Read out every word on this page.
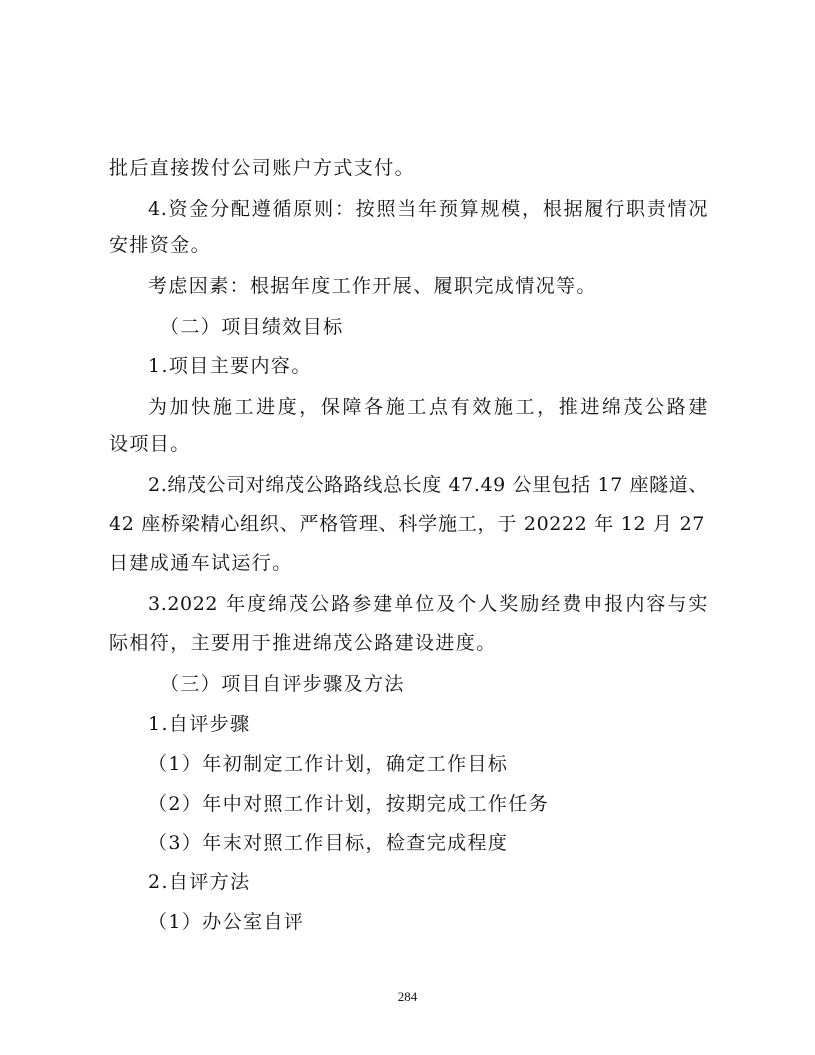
批后直接拨付公司账户方式支付。
4.资金分配遵循原则：按照当年预算规模，根据履行职责情况
安排资金。
考虑因素：根据年度工作开展、履职完成情况等。
（二）项目绩效目标
1.项目主要内容。
为加快施工进度，保障各施工点有效施工，推进绵茂公路建
设项目。
2.绵茂公司对绵茂公路路线总长度 47.49 公里包括 17 座隧道、
42 座桥梁精心组织、严格管理、科学施工，于 20222 年 12 月 27
日建成通车试运行。
3.2022 年度绵茂公路参建单位及个人奖励经费申报内容与实
际相符，主要用于推进绵茂公路建设进度。
（三）项目自评步骤及方法
1.自评步骤
（1）年初制定工作计划，确定工作目标
（2）年中对照工作计划，按期完成工作任务
（3）年末对照工作目标，检查完成程度
2.自评方法
（1）办公室自评
284
